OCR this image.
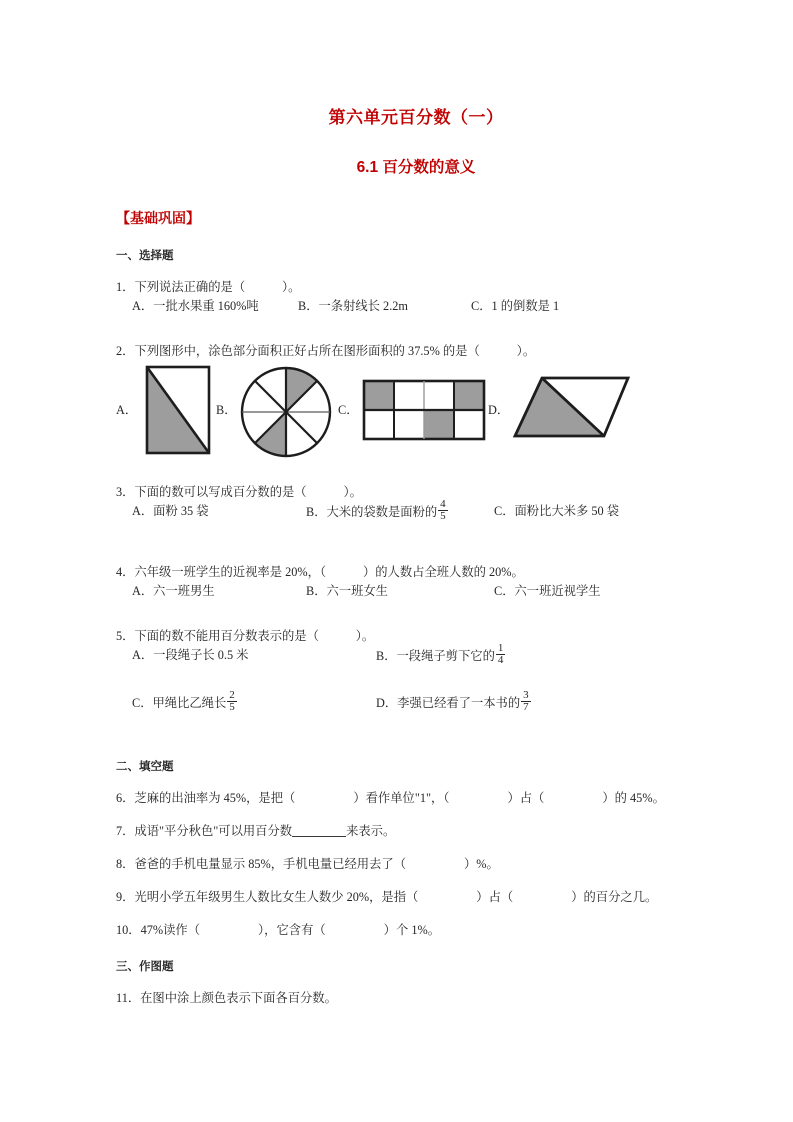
第六单元百分数（一）
6.1 百分数的意义
【基础巩固】
一、选择题
1．下列说法正确的是（　　　）。
A．一批水果重 160%吨	B．一条射线长 2.2m	C．1 的倒数是 1
2．下列图形中，涂色部分面积正好占所在图形面积的 37.5% 的是（　　　）。
A．	B．	C．	D．
3．下面的数可以写成百分数的是（　　　）。
A．面粉 35 袋	B．大米的袋数是面粉的 $\frac{4}{5}$	C．面粉比大米多 50 袋
4．六年级一班学生的近视率是 20%，（　　　）的人数占全班人数的 20%。
A．六一班男生	B．六一班女生	C．六一班近视学生
5．下面的数不能用百分数表示的是（　　　）。
A．一段绳子长 0.5 米	B．一段绳子剪下它的 $\frac{1}{4}$
C．甲绳比乙绳长 $\frac{2}{5}$	D．李强已经看了一本书的 $\frac{3}{7}$
二、填空题
6．芝麻的出油率为 45%，是把（	）看作单位"1"，（	）占（	）的 45%。
7．成语"平分秋色"可以用百分数	来表示。
8．爸爸的手机电量显示 85%，手机电量已经用去了（	）%。
9．光明小学五年级男生人数比女生人数少 20%，是指（	）占（	）的百分之几。
10．47%读作（	），它含有（	）个 1%。
三、作图题
11．在图中涂上颜色表示下面各百分数。
